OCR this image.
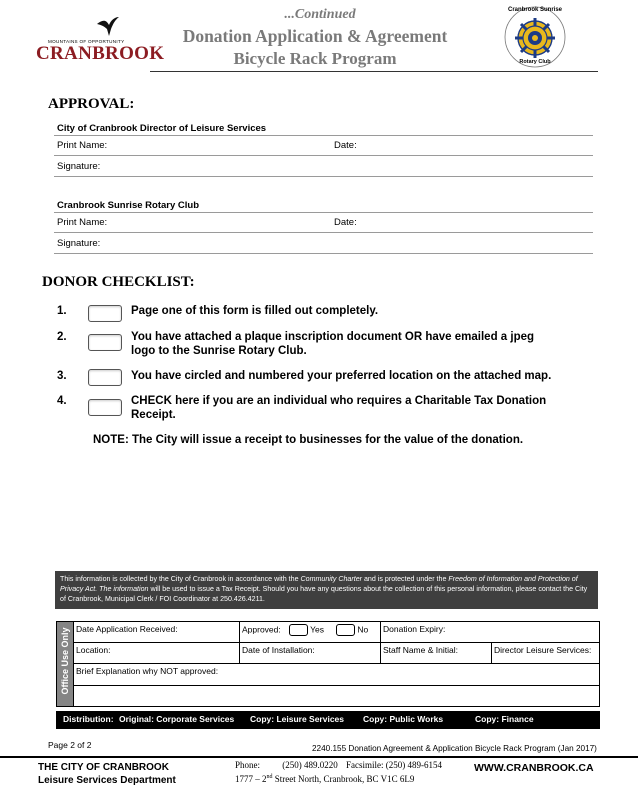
MOUNTAINS OF OPPORTUNITY
CRANBROOK
...Continued
Donation Application & Agreement
Bicycle Rack Program
Cranbrook Sunrise
Rotary Club
APPROVAL:
City of Cranbrook Director of Leisure Services
Print Name:	Date:
Signature:
Cranbrook Sunrise Rotary Club
Print Name:	Date:
Signature:
DONOR CHECKLIST:
1.	Page one of this form is filled out completely.
2.	You have attached a plaque inscription document OR have emailed a jpeg logo to the Sunrise Rotary Club.
3.	You have circled and numbered your preferred location on the attached map.
4.	CHECK here if you are an individual who requires a Charitable Tax Donation Receipt.
NOTE: The City will issue a receipt to businesses for the value of the donation.
This information is collected by the City of Cranbrook in accordance with the Community Charter and is protected under the Freedom of Information and Protection of Privacy Act. The information will be used to issue a Tax Receipt. Should you have any questions about the collection of this personal information, please contact the City of Cranbrook, Municipal Clerk / FOI Coordinator at 250.426.4211.
Office Use Only Date Application Received:	Approved:	Yes	No Donation Expiry:
Location:	Date of Installation:	Staff Name & Initial:	Director Leisure Services:
Brief Explanation why NOT approved:
Distribution: Original: Corporate Services Copy: Leisure Services Copy: Public Works	Copy: Finance
Page 2 of 2	2240.155 Donation Agreement & Application Bicycle Rack Program (Jan 2017)
THE CITY OF CRANBROOK
Leisure Services Department
Phone: (250) 489.0220 Facsimile: (250) 489-6154
1777 – 2nd Street North, Cranbrook, BC V1C 6L9
WWW.CRANBROOK.CA
